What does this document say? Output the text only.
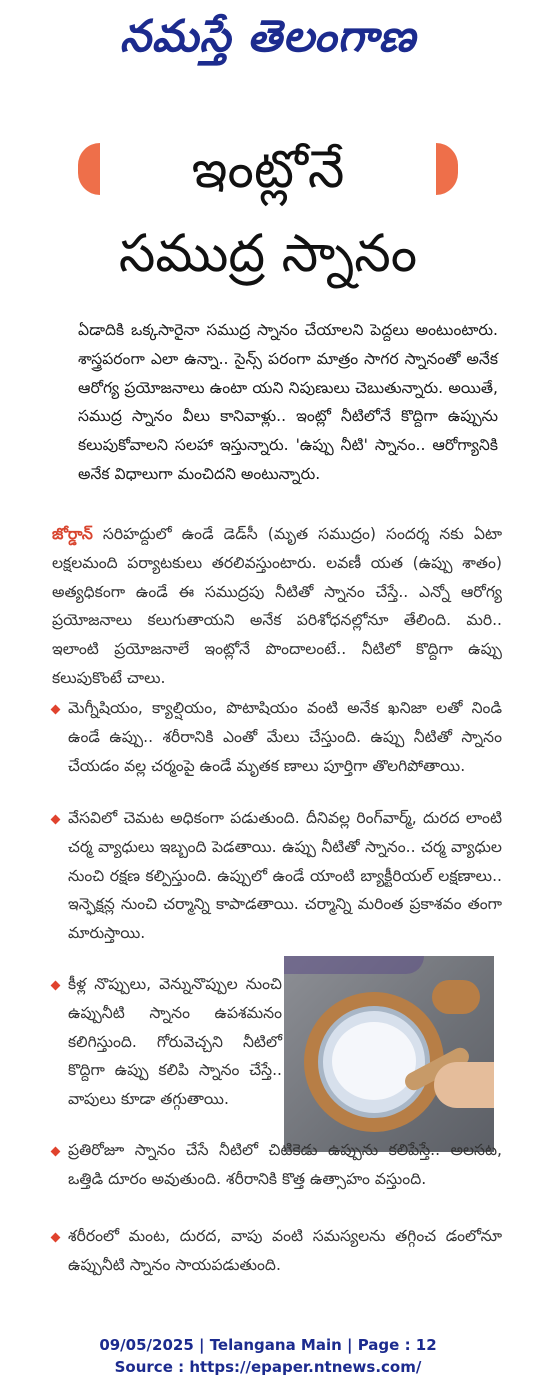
నమస్తే తెలంగాణ
ఇంట్లోనే
సముద్ర స్నానం

ఏడాదికి ఒక్కసారైనా సముద్ర స్నానం చేయాలని పెద్దలు అంటుంటారు. శాస్త్రపరంగా ఎలా ఉన్నా.. సైన్స్ పరంగా మాత్రం సాగర స్నానంతో అనేక ఆరోగ్య ప్రయోజనాలు ఉంటా యని నిపుణులు చెబుతున్నారు. అయితే, సముద్ర స్నానం వీలు కానివాళ్లు.. ఇంట్లో నీటిలోనే కొద్దిగా ఉప్పును కలుపుకోవాలని సలహా ఇస్తున్నారు. 'ఉప్పు నీటి' స్నానం.. ఆరోగ్యానికి అనేక విధాలుగా మంచిదని అంటున్నారు.

జోర్డాన్ సరిహద్దులో ఉండే డెడ్‌సీ (మృత సముద్రం) సందర్శ నకు ఏటా లక్షలమంది పర్యాటకులు తరలివస్తుంటారు. లవణీ యత (ఉప్పు శాతం) అత్యధికంగా ఉండే ఈ సముద్రపు నీటితో స్నానం చేస్తే.. ఎన్నో ఆరోగ్య ప్రయోజనాలు కలుగుతాయని అనేక పరిశోధనల్లోనూ తేలింది. మరి.. ఇలాంటి ప్రయోజనాలే ఇంట్లోనే పొందాలంటే.. నీటిలో కొద్దిగా ఉప్పు కలుపుకొంటే చాలు.

మెగ్నీషియం, క్యాల్షియం, పొటాషియం వంటి అనేక ఖనిజా లతో నిండి ఉండే ఉప్పు.. శరీరానికి ఎంతో మేలు చేస్తుంది. ఉప్పు నీటితో స్నానం చేయడం వల్ల చర్మంపై ఉండే మృతక ణాలు పూర్తిగా తొలగిపోతాయి.
వేసవిలో చెమట అధికంగా పడుతుంది. దీనివల్ల రింగ్‌వార్మ్, దురద లాంటి చర్మ వ్యాధులు ఇబ్బంది పెడతాయి. ఉప్పు నీటితో స్నానం.. చర్మ వ్యాధుల నుంచి రక్షణ కల్పిస్తుంది. ఉప్పులో ఉండే యాంటి బ్యాక్టీరియల్ లక్షణాలు.. ఇన్ఫెక్షన్ల నుంచి చర్మాన్ని కాపాడతాయి. చర్మాన్ని మరింత ప్రకాశవం తంగా మారుస్తాయి.
కీళ్ల నొప్పులు, వెన్నునొప్పుల నుంచి ఉప్పునీటి స్నానం ఉపశమనం కలిగిస్తుంది. గోరువెచ్చని నీటిలో కొద్దిగా ఉప్పు కలిపి స్నానం చేస్తే.. వాపులు కూడా తగ్గుతాయి.
ప్రతిరోజూ స్నానం చేసే నీటిలో చిటికెడు ఉప్పును కలిపేస్తే.. అలసట, ఒత్తిడి దూరం అవుతుంది. శరీరానికి కొత్త ఉత్సాహం వస్తుంది.
శరీరంలో మంట, దురద, వాపు వంటి సమస్యలను తగ్గించ డంలోనూ ఉప్పునీటి స్నానం సాయపడుతుంది.
09/05/2025 | Telangana Main | Page : 12
Source : https://epaper.ntnews.com/
